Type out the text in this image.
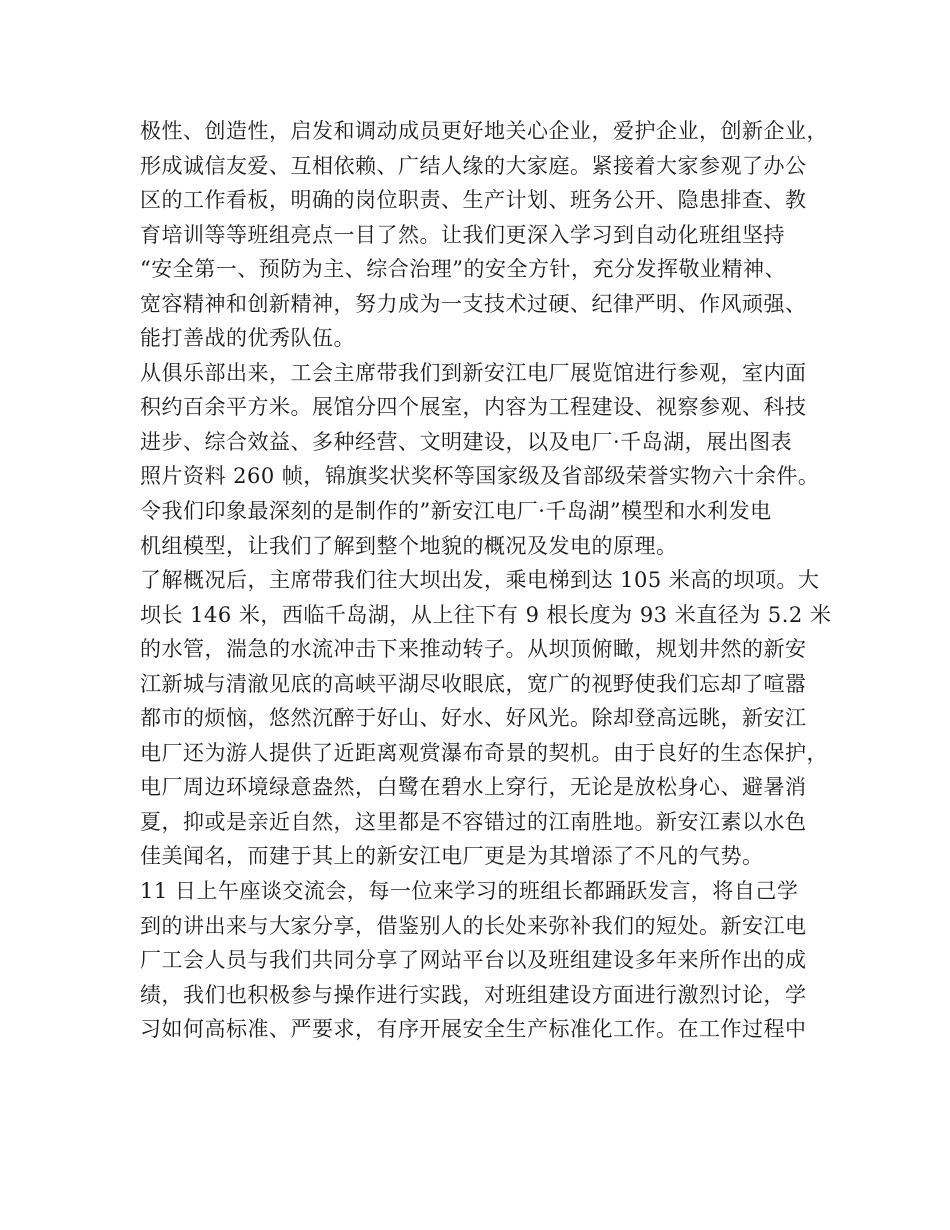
极性、创造性，启发和调动成员更好地关心企业，爱护企业，创新企业，
形成诚信友爱、互相依赖、广结人缘的大家庭。紧接着大家参观了办公
区的工作看板，明确的岗位职责、生产计划、班务公开、隐患排查、教
育培训等等班组亮点一目了然。让我们更深入学习到自动化班组坚持
“安全第一、预防为主、综合治理”的安全方针，充分发挥敬业精神、
宽容精神和创新精神，努力成为一支技术过硬、纪律严明、作风顽强、
能打善战的优秀队伍。
从俱乐部出来，工会主席带我们到新安江电厂展览馆进行参观，室内面
积约百余平方米。展馆分四个展室，内容为工程建设、视察参观、科技
进步、综合效益、多种经营、文明建设，以及电厂·千岛湖，展出图表
照片资料 260 帧，锦旗奖状奖杯等国家级及省部级荣誉实物六十余件。
令我们印象最深刻的是制作的”新安江电厂·千岛湖”模型和水利发电
机组模型，让我们了解到整个地貌的概况及发电的原理。
了解概况后，主席带我们往大坝出发，乘电梯到达 105 米高的坝项。大
坝长 146 米，西临千岛湖，从上往下有 9 根长度为 93 米直径为 5.2 米
的水管，湍急的水流冲击下来推动转子。从坝顶俯瞰，规划井然的新安
江新城与清澈见底的高峡平湖尽收眼底，宽广的视野使我们忘却了喧嚣
都市的烦恼，悠然沉醉于好山、好水、好风光。除却登高远眺，新安江
电厂还为游人提供了近距离观赏瀑布奇景的契机。由于良好的生态保护，
电厂周边环境绿意盎然，白鹭在碧水上穿行，无论是放松身心、避暑消
夏，抑或是亲近自然，这里都是不容错过的江南胜地。新安江素以水色
佳美闻名，而建于其上的新安江电厂更是为其增添了不凡的气势。
11 日上午座谈交流会，每一位来学习的班组长都踊跃发言，将自己学
到的讲出来与大家分享，借鉴别人的长处来弥补我们的短处。新安江电
厂工会人员与我们共同分享了网站平台以及班组建设多年来所作出的成
绩，我们也积极参与操作进行实践，对班组建设方面进行激烈讨论，学
习如何高标准、严要求，有序开展安全生产标准化工作。在工作过程中
